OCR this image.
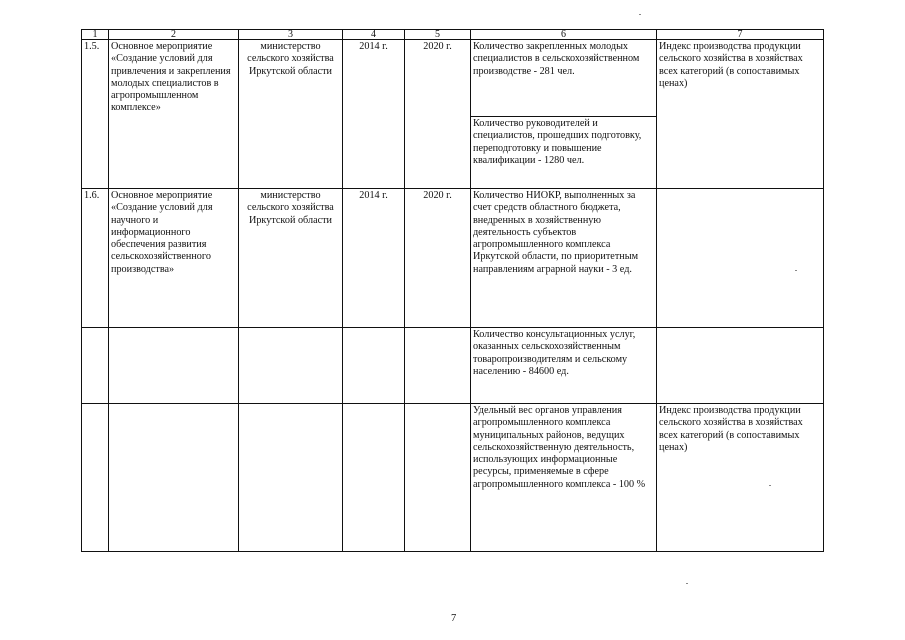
1	2	3	4	5	6	7
1.5.	Основное мероприятие «Создание условий для привлечения и закрепления молодых специалистов в агропромышленном комплексе»	министерство сельского хозяйства Иркутской области	2014 г.	2020 г.	Количество закрепленных молодых специалистов в сельскохозяйственном производстве - 281 чел.	Индекс производства продукции сельского хозяйства в хозяйствах всех категорий (в сопоставимых ценах)
					Количество руководителей и специалистов, прошедших подготовку, переподготовку и повышение квалификации - 1280 чел.	
1.6.	Основное мероприятие «Создание условий для научного и информационного обеспечения развития сельскохозяйственного производства»	министерство сельского хозяйства Иркутской области	2014 г.	2020 г.	Количество НИОКР, выполненных за счет средств областного бюджета, внедренных в хозяйственную деятельность субъектов агропромышленного комплекса Иркутской области, по приоритетным направлениям аграрной науки - 3 ед.	
					Количество консультационных услуг, оказанных сельскохозяйственным товаропроизводителям и сельскому населению - 84600 ед.	
					Удельный вес органов управления агропромышленного комплекса муниципальных районов, ведущих сельскохозяйственную деятельность, использующих информационные ресурсы, применяемые в сфере агропромышленного комплекса - 100 %	Индекс производства продукции сельского хозяйства в хозяйствах всех категорий (в сопоставимых ценах)
7
